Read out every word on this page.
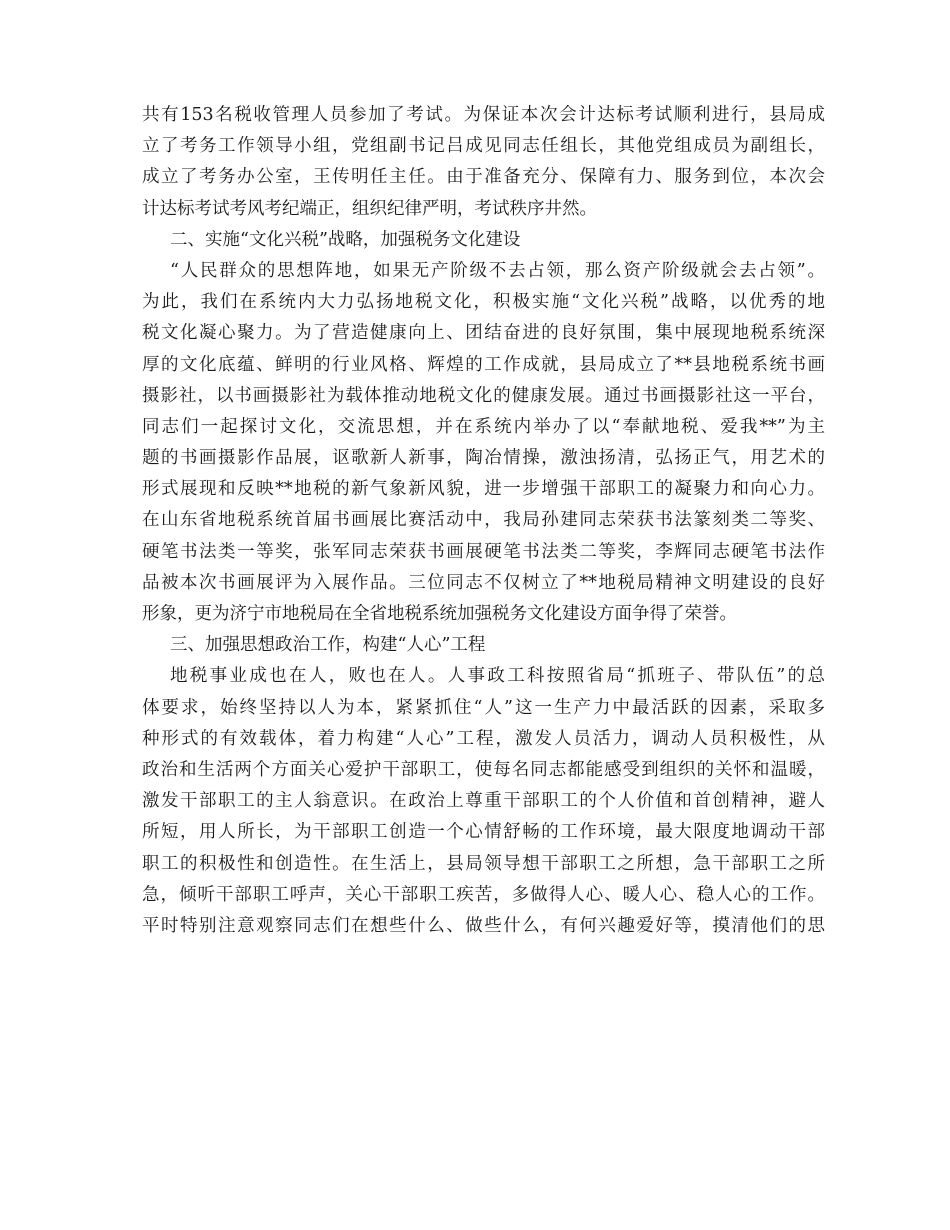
共有153名税收管理人员参加了考试。为保证本次会计达标考试顺利进行，县局成
立了考务工作领导小组，党组副书记吕成见同志任组长，其他党组成员为副组长，
成立了考务办公室，王传明任主任。由于准备充分、保障有力、服务到位，本次会
计达标考试考风考纪端正，组织纪律严明，考试秩序井然。
二、实施“文化兴税”战略，加强税务文化建设
“人民群众的思想阵地，如果无产阶级不去占领，那么资产阶级就会去占领”。
为此，我们在系统内大力弘扬地税文化，积极实施“文化兴税”战略，以优秀的地
税文化凝心聚力。为了营造健康向上、团结奋进的良好氛围，集中展现地税系统深
厚的文化底蕴、鲜明的行业风格、辉煌的工作成就，县局成立了**县地税系统书画
摄影社，以书画摄影社为载体推动地税文化的健康发展。通过书画摄影社这一平台，
同志们一起探讨文化，交流思想，并在系统内举办了以“奉献地税、爱我**”为主
题的书画摄影作品展，讴歌新人新事，陶冶情操，激浊扬清，弘扬正气，用艺术的
形式展现和反映**地税的新气象新风貌，进一步增强干部职工的凝聚力和向心力。
在山东省地税系统首届书画展比赛活动中，我局孙建同志荣获书法篆刻类二等奖、
硬笔书法类一等奖，张军同志荣获书画展硬笔书法类二等奖，李辉同志硬笔书法作
品被本次书画展评为入展作品。三位同志不仅树立了**地税局精神文明建设的良好
形象，更为济宁市地税局在全省地税系统加强税务文化建设方面争得了荣誉。
三、加强思想政治工作，构建“人心”工程
地税事业成也在人，败也在人。人事政工科按照省局“抓班子、带队伍”的总
体要求，始终坚持以人为本，紧紧抓住“人”这一生产力中最活跃的因素，采取多
种形式的有效载体，着力构建“人心”工程，激发人员活力，调动人员积极性，从
政治和生活两个方面关心爱护干部职工，使每名同志都能感受到组织的关怀和温暖，
激发干部职工的主人翁意识。在政治上尊重干部职工的个人价值和首创精神，避人
所短，用人所长，为干部职工创造一个心情舒畅的工作环境，最大限度地调动干部
职工的积极性和创造性。在生活上，县局领导想干部职工之所想，急干部职工之所
急，倾听干部职工呼声，关心干部职工疾苦，多做得人心、暖人心、稳人心的工作。
平时特别注意观察同志们在想些什么、做些什么，有何兴趣爱好等，摸清他们的思
